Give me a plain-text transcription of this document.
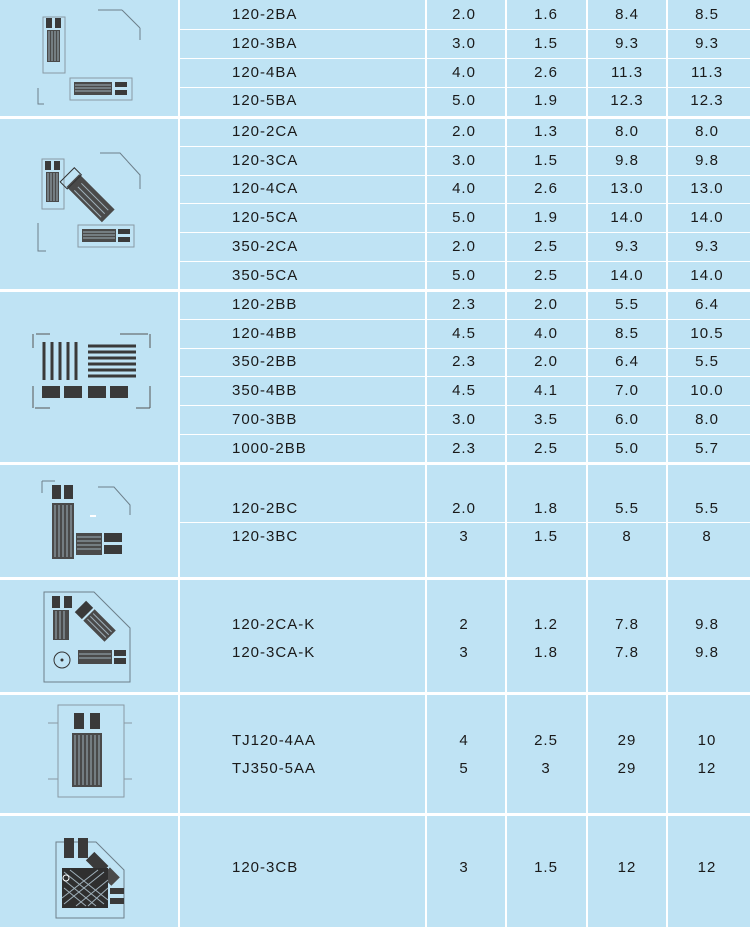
120-2BA	2.0	1.6	8.4	8.5
120-3BA	3.0	1.5	9.3	9.3
120-4BA	4.0	2.6	11.3	11.3
120-5BA	5.0	1.9	12.3	12.3
120-2CA	2.0	1.3	8.0	8.0
120-3CA	3.0	1.5	9.8	9.8
120-4CA	4.0	2.6	13.0	13.0
120-5CA	5.0	1.9	14.0	14.0
350-2CA	2.0	2.5	9.3	9.3
350-5CA	5.0	2.5	14.0	14.0
120-2BB	2.3	2.0	5.5	6.4
120-4BB	4.5	4.0	8.5	10.5
350-2BB	2.3	2.0	6.4	5.5
350-4BB	4.5	4.1	7.0	10.0
700-3BB	3.0	3.5	6.0	8.0
1000-2BB	2.3	2.5	5.0	5.7
120-2BC	2.0	1.8	5.5	5.5
120-3BC	3	1.5	8	8
120-2CA-K	2	1.2	7.8	9.8
120-3CA-K	3	1.8	7.8	9.8
TJ120-4AA	4	2.5	29	10
TJ350-5AA	5	3	29	12
120-3CB	3	1.5	12	12
